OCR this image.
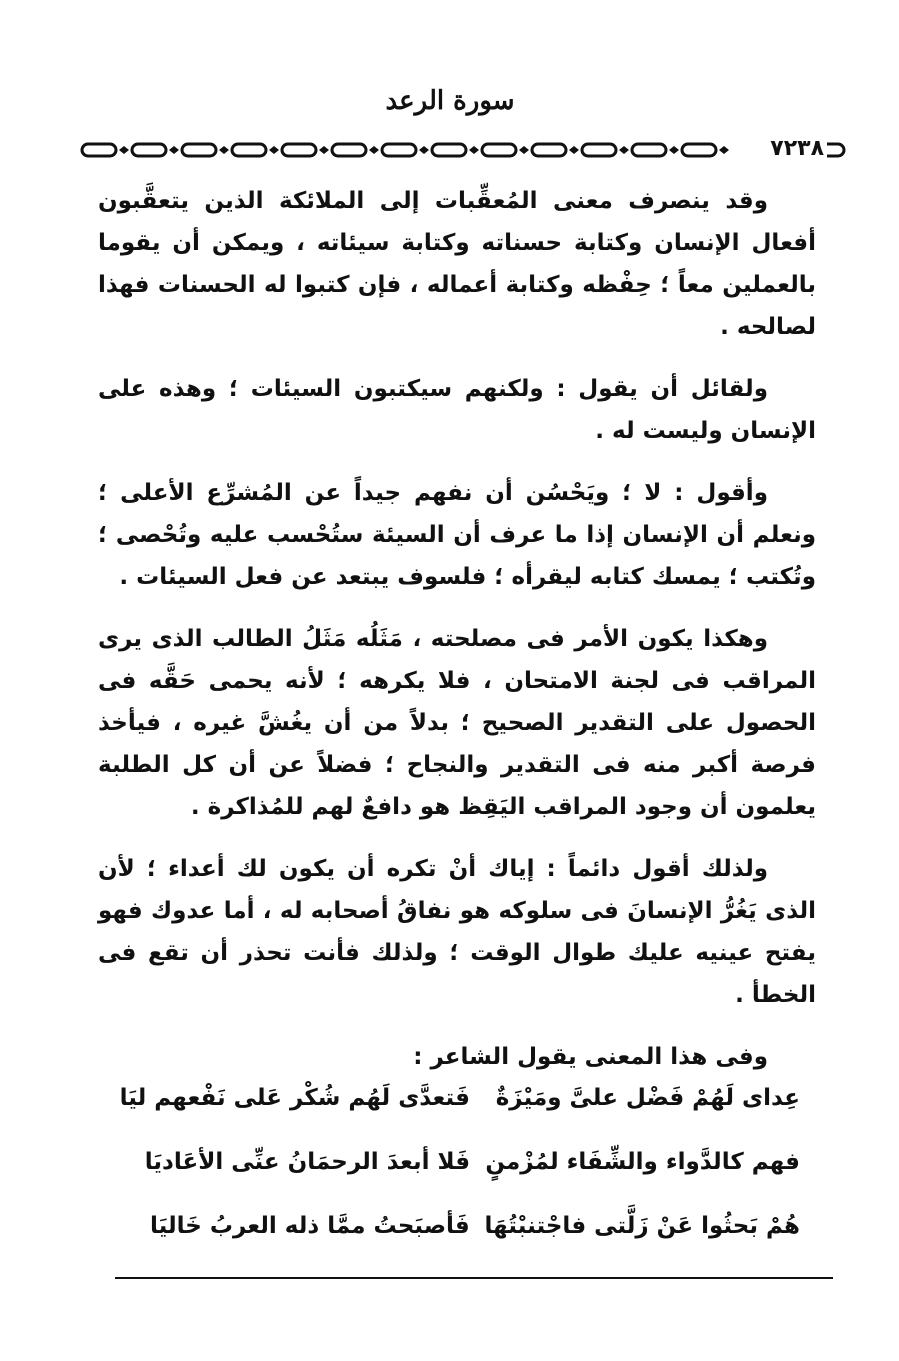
سورة الرعد
٧٢٣٨

وقد ينصرف معنى المُعقِّبات إلى الملائكة الذين يتعقَّبون أفعال الإنسان وكتابة حسناته وكتابة سيئاته ، ويمكن أن يقوما بالعملين معاً ؛ حِفْظه وكتابة أعماله ، فإن كتبوا له الحسنات فهذا لصالحه .

ولقائل أن يقول : ولكنهم سيكتبون السيئات ؛ وهذه على الإنسان وليست له .

وأقول : لا ؛ ويَحْسُن أن نفهم جيداً عن المُشرِّع الأعلى ؛ ونعلم أن الإنسان إذا ما عرف أن السيئة ستُحْسب عليه وتُحْصى ؛ وتُكتب ؛ يمسك كتابه ليقرأه ؛ فلسوف يبتعد عن فعل السيئات .

وهكذا يكون الأمر فى مصلحته ، مَثَلُه مَثَلُ الطالب الذى يرى المراقب فى لجنة الامتحان ، فلا يكرهه ؛ لأنه يحمى حَقَّه فى الحصول على التقدير الصحيح ؛ بدلاً من أن يغُشَّ غيره ، فيأخذ فرصة أكبر منه فى التقدير والنجاح ؛ فضلاً عن أن كل الطلبة يعلمون أن وجود المراقب اليَقِظ هو دافعٌ لهم للمُذاكرة .

ولذلك أقول دائماً : إياك أنْ تكره أن يكون لك أعداء ؛ لأن الذى يَغُرُّ الإنسانَ فى سلوكه هو نفاقُ أصحابه له ، أما عدوك فهو يفتح عينيه عليك طوال الوقت ؛ ولذلك فأنت تحذر أن تقع فى الخطأ .

وفى هذا المعنى يقول الشاعر :

عِداى لَهُمْ فَضْل علىَّ ومَيْزَةٌ
فَتعدَّى لَهُم شُكْر عَلى نَفْعهم ليَا
فهم كالدَّواء والشِّفَاء لمُزْمنٍ
فَلا أبعدَ الرحمَانُ عنِّى الأعَاديَا
هُمْ بَحثُوا عَنْ زَلَّتى فاجْتنبْتُهَا
فَأصبَحتُ ممَّا ذله العربُ خَاليَا
